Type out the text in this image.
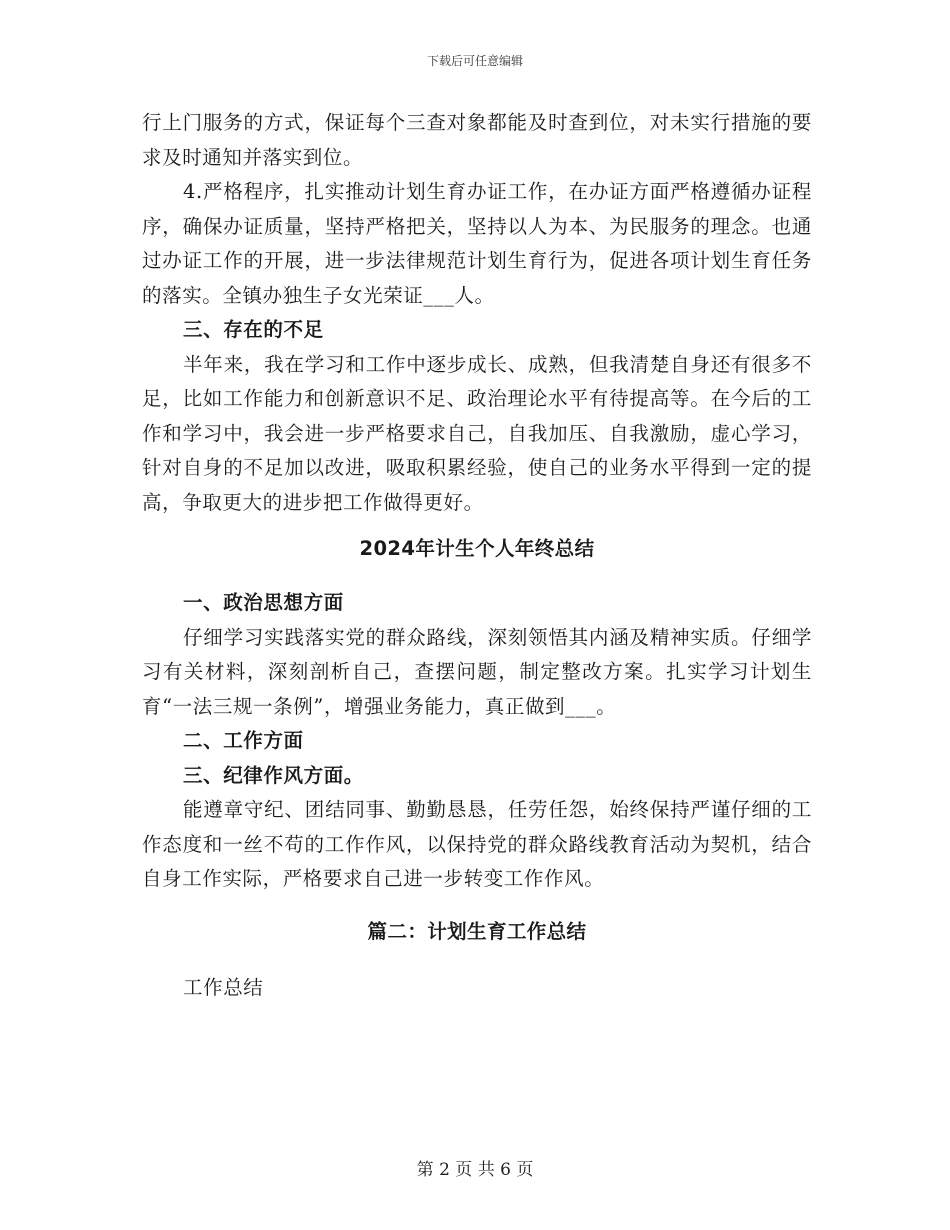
下载后可任意编辑

行上门服务的方式，保证每个三查对象都能及时查到位，对未实行措施的要求及时通知并落实到位。

4.严格程序，扎实推动计划生育办证工作，在办证方面严格遵循办证程序，确保办证质量，坚持严格把关，坚持以人为本、为民服务的理念。也通过办证工作的开展，进一步法律规范计划生育行为，促进各项计划生育任务的落实。全镇办独生子女光荣证___人。

三、存在的不足

半年来，我在学习和工作中逐步成长、成熟，但我清楚自身还有很多不足，比如工作能力和创新意识不足、政治理论水平有待提高等。在今后的工作和学习中，我会进一步严格要求自己，自我加压、自我激励，虚心学习，针对自身的不足加以改进，吸取积累经验，使自己的业务水平得到一定的提高，争取更大的进步把工作做得更好。

2024年计生个人年终总结

一、政治思想方面

仔细学习实践落实党的群众路线，深刻领悟其内涵及精神实质。仔细学习有关材料，深刻剖析自己，查摆问题，制定整改方案。扎实学习计划生育“一法三规一条例”，增强业务能力，真正做到___。

二、工作方面

三、纪律作风方面。

能遵章守纪、团结同事、勤勤恳恳，任劳任怨，始终保持严谨仔细的工作态度和一丝不苟的工作作风，以保持党的群众路线教育活动为契机，结合自身工作实际，严格要求自己进一步转变工作作风。

篇二：计划生育工作总结

工作总结

第 2 页 共 6 页
